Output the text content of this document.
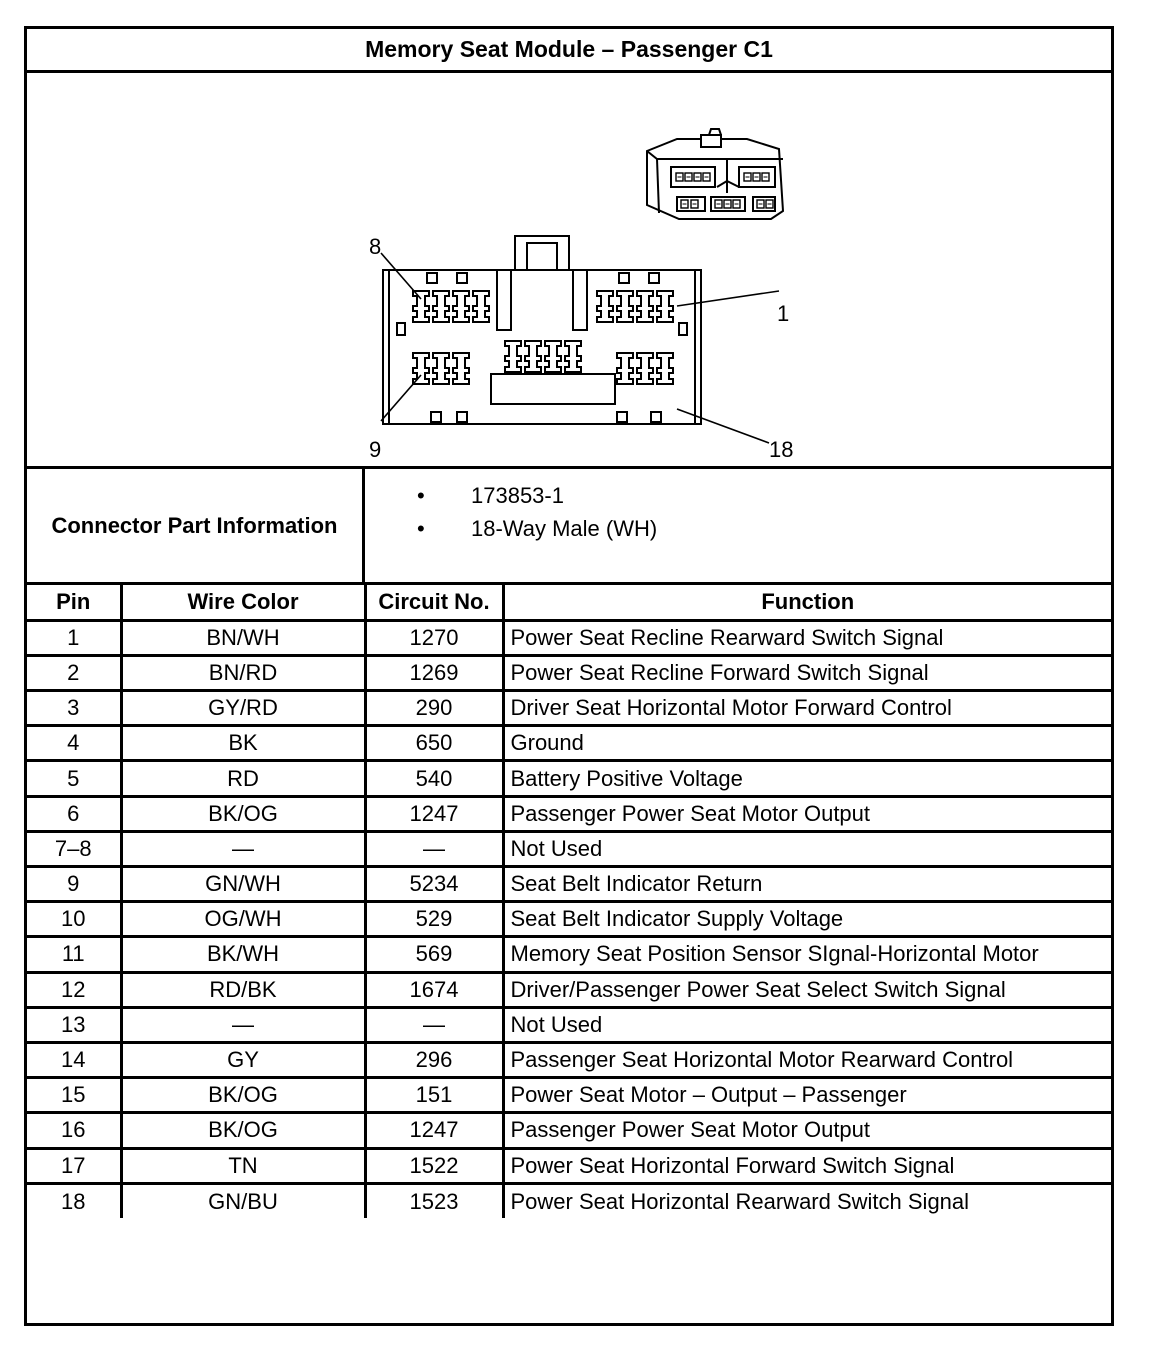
Memory Seat Module – Passenger C1
8
1
9	18
Connector Part Information
• 173853-1
• 18-Way Male (WH)
Pin	Wire Color	Circuit No.	Function
1	BN/WH	1270	Power Seat Recline Rearward Switch Signal
2	BN/RD	1269	Power Seat Recline Forward Switch Signal
3	GY/RD	290	Driver Seat Horizontal Motor Forward Control
4	BK	650	Ground
5	RD	540	Battery Positive Voltage
6	BK/OG	1247	Passenger Power Seat Motor Output
7–8	—	—	Not Used
9	GN/WH	5234	Seat Belt Indicator Return
10	OG/WH	529	Seat Belt Indicator Supply Voltage
11	BK/WH	569	Memory Seat Position Sensor SIgnal-Horizontal Motor
12	RD/BK	1674	Driver/Passenger Power Seat Select Switch Signal
13	—	—	Not Used
14	GY	296	Passenger Seat Horizontal Motor Rearward Control
15	BK/OG	151	Power Seat Motor – Output – Passenger
16	BK/OG	1247	Passenger Power Seat Motor Output
17	TN	1522	Power Seat Horizontal Forward Switch Signal
18	GN/BU	1523	Power Seat Horizontal Rearward Switch Signal
